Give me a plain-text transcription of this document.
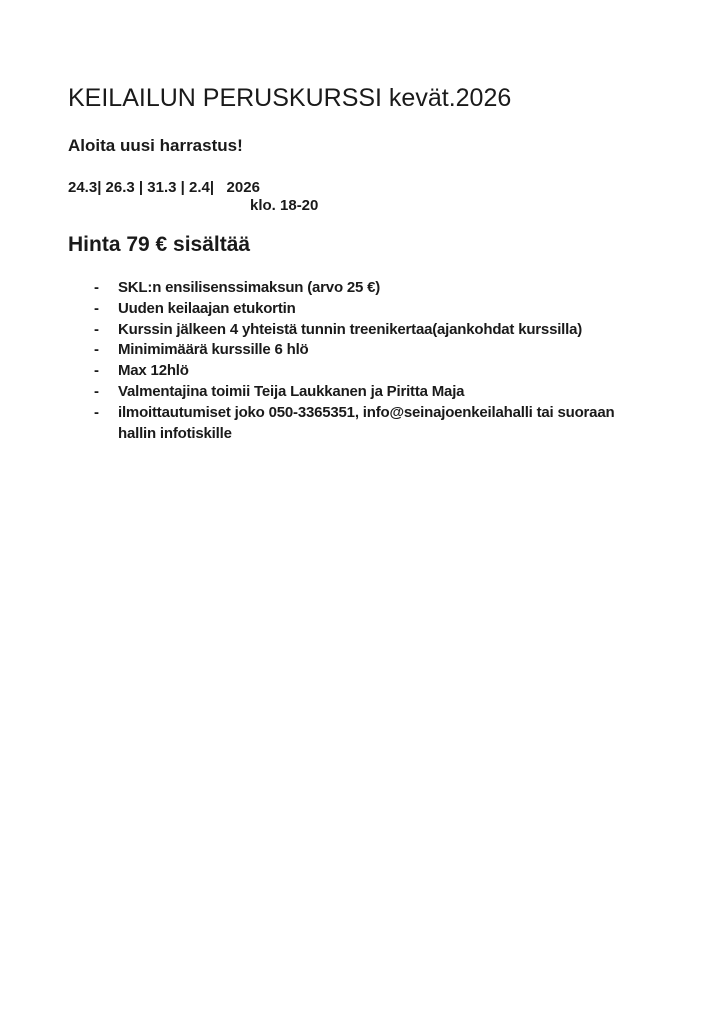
KEILAILUN PERUSKURSSI kevät.2026
Aloita uusi harrastus!
24.3| 26.3 | 31.3 | 2.4|   2026
klo. 18-20
Hinta 79 € sisältää
-	SKL:n ensilisenssimaksun (arvo 25 €)
-	Uuden keilaajan etukortin
-	Kurssin jälkeen 4 yhteistä tunnin treenikertaa(ajankohdat kurssilla)
-	Minimimäärä kurssille 6 hlö
-	Max 12hlö
-	Valmentajina toimii Teija Laukkanen ja Piritta Maja
-	ilmoittautumiset joko 050-3365351, info@seinajoenkeilahalli tai suoraan hallin infotiskille
